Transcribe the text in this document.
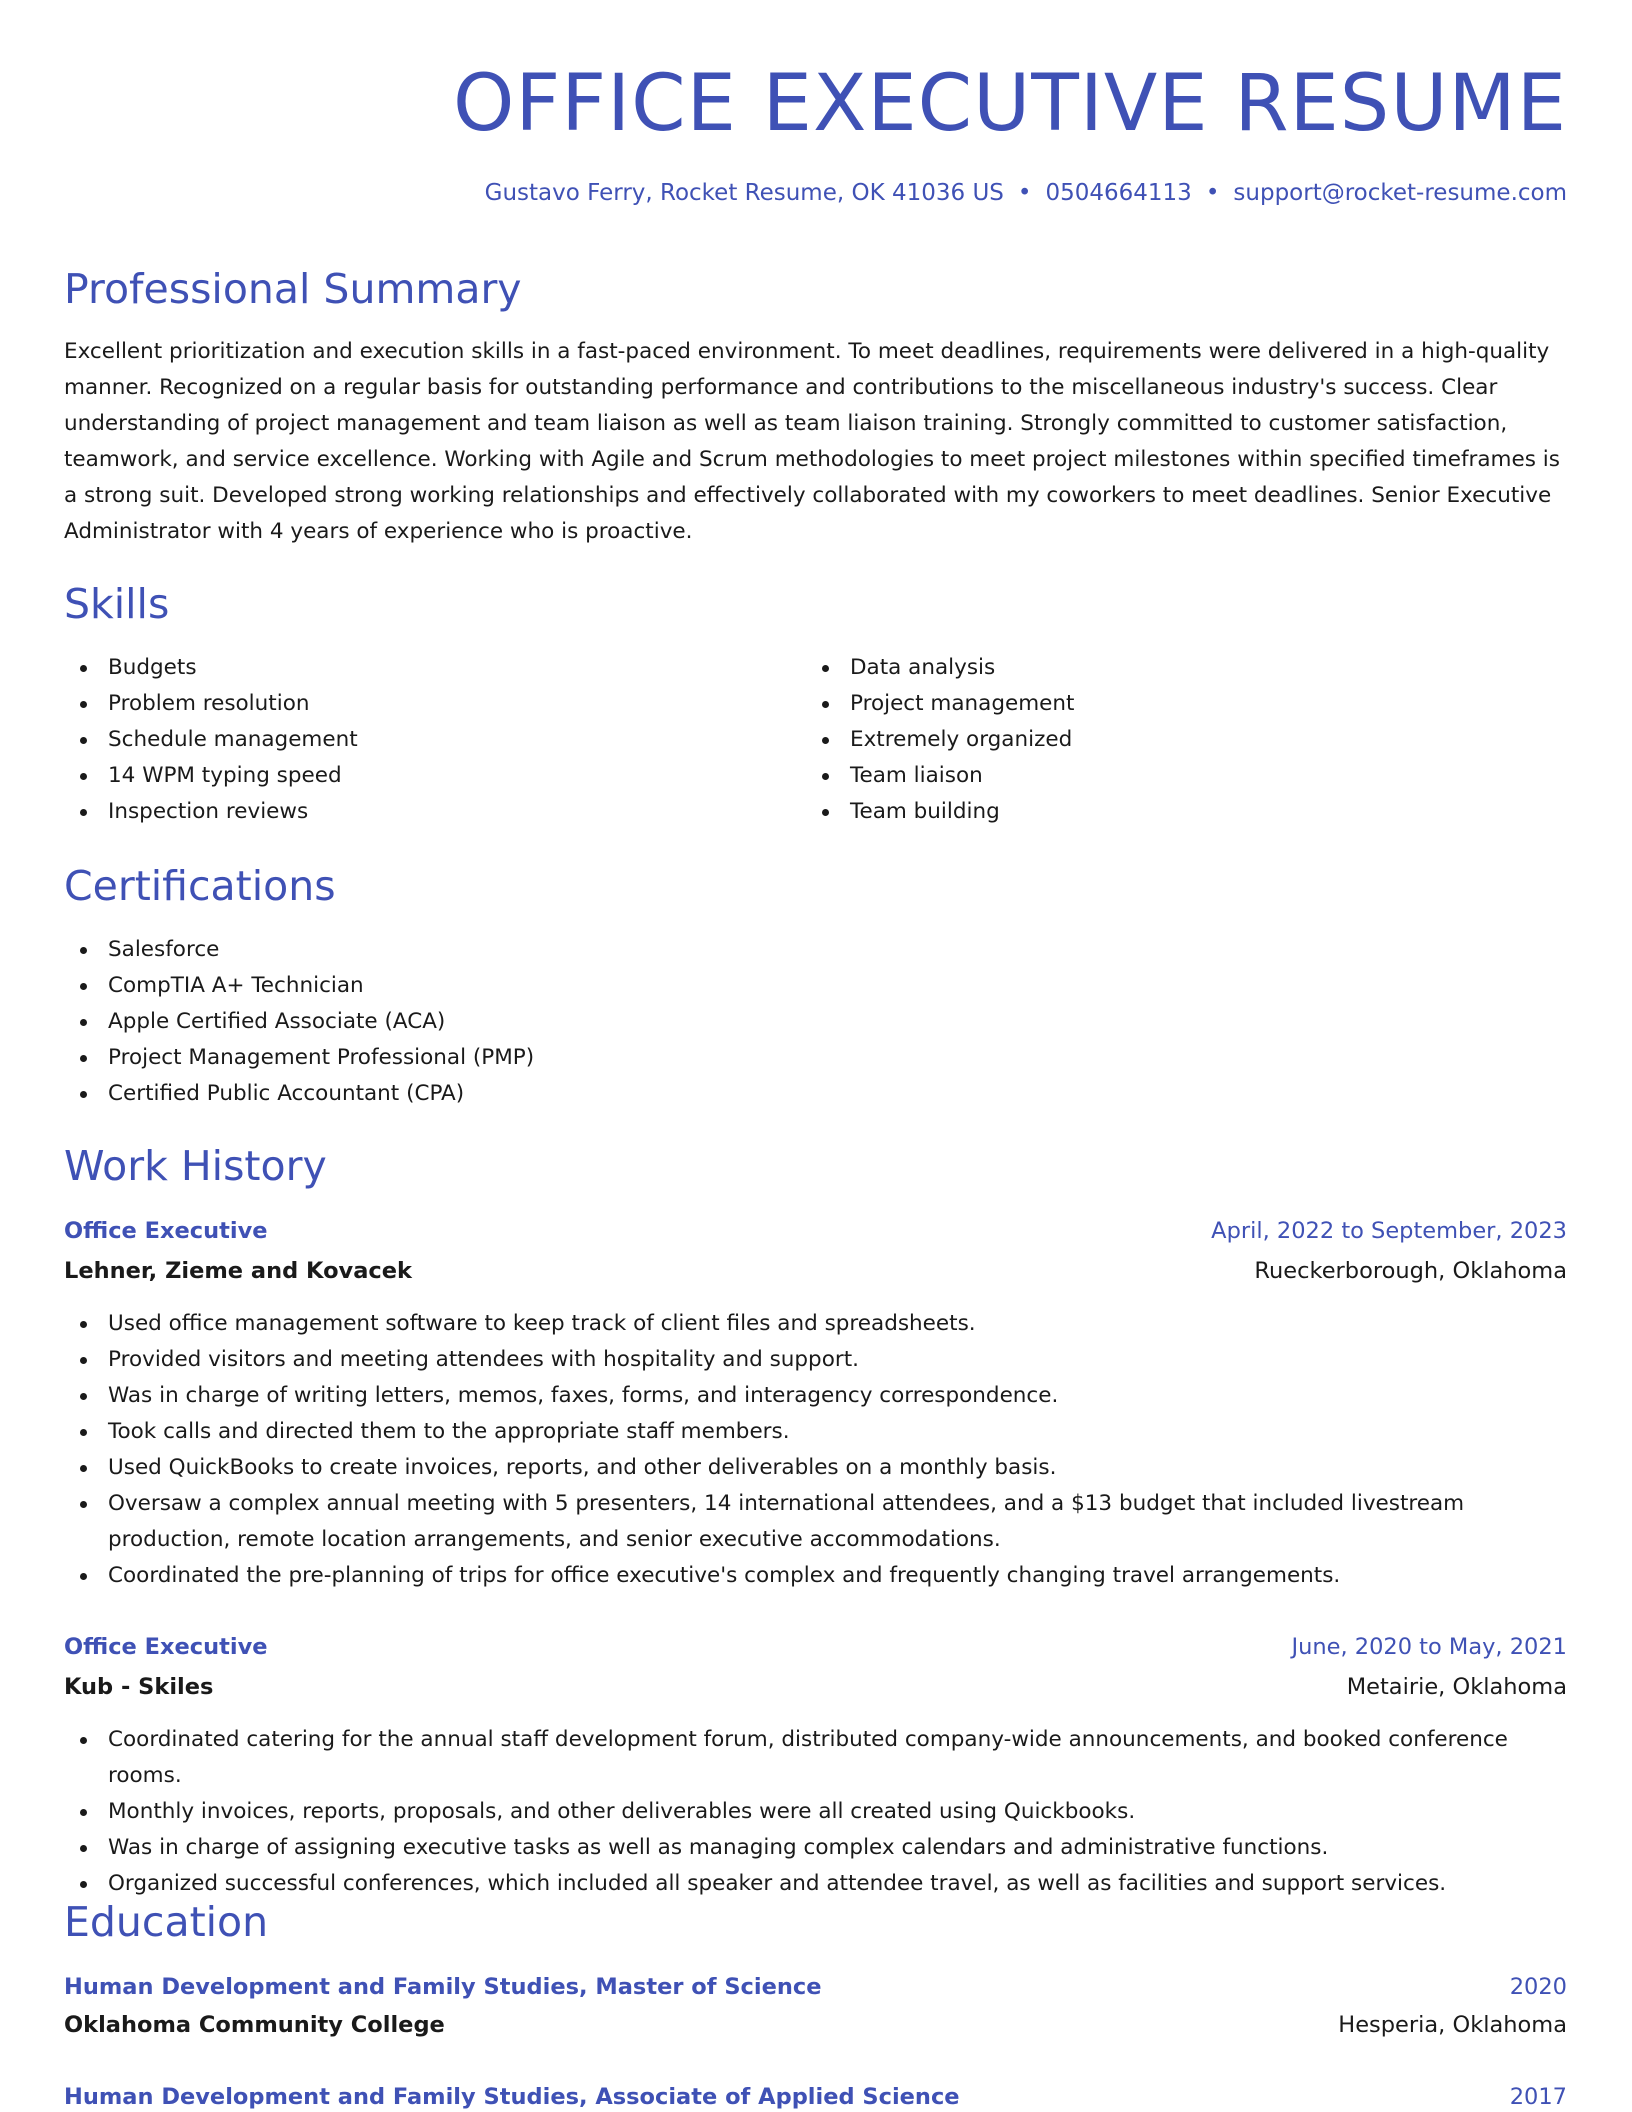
OFFICE EXECUTIVE RESUME
Gustavo Ferry, Rocket Resume, OK 41036 US • 0504664113 • support@rocket-resume.com
Professional Summary

Excellent prioritization and execution skills in a fast-paced environment. To meet deadlines, requirements were delivered in a high-quality manner. Recognized on a regular basis for outstanding performance and contributions to the miscellaneous industry's success. Clear understanding of project management and team liaison as well as team liaison training. Strongly committed to customer satisfaction, teamwork, and service excellence. Working with Agile and Scrum methodologies to meet project milestones within specified timeframes is a strong suit. Developed strong working relationships and effectively collaborated with my coworkers to meet deadlines. Senior Executive Administrator with 4 years of experience who is proactive.

Skills
Budgets
Problem resolution
Schedule management
14 WPM typing speed
Inspection reviews
Data analysis
Project management
Extremely organized
Team liaison
Team building
Certifications
Salesforce
CompTIA A+ Technician
Apple Certified Associate (ACA)
Project Management Professional (PMP)
Certified Public Accountant (CPA)
Work History
Office Executive	April, 2022 to September, 2023
Lehner, Zieme and Kovacek	Rueckerborough, Oklahoma
Used office management software to keep track of client files and spreadsheets.
Provided visitors and meeting attendees with hospitality and support.
Was in charge of writing letters, memos, faxes, forms, and interagency correspondence.
Took calls and directed them to the appropriate staff members.
Used QuickBooks to create invoices, reports, and other deliverables on a monthly basis.
Oversaw a complex annual meeting with 5 presenters, 14 international attendees, and a $13 budget that included livestream production, remote location arrangements, and senior executive accommodations.
Coordinated the pre-planning of trips for office executive's complex and frequently changing travel arrangements.
Office Executive	June, 2020 to May, 2021
Kub - Skiles	Metairie, Oklahoma
Coordinated catering for the annual staff development forum, distributed company-wide announcements, and booked conference rooms.
Monthly invoices, reports, proposals, and other deliverables were all created using Quickbooks.
Was in charge of assigning executive tasks as well as managing complex calendars and administrative functions.
Organized successful conferences, which included all speaker and attendee travel, as well as facilities and support services.
Education
Human Development and Family Studies, Master of Science	2020
Oklahoma Community College	Hesperia, Oklahoma
Human Development and Family Studies, Associate of Applied Science	2017
